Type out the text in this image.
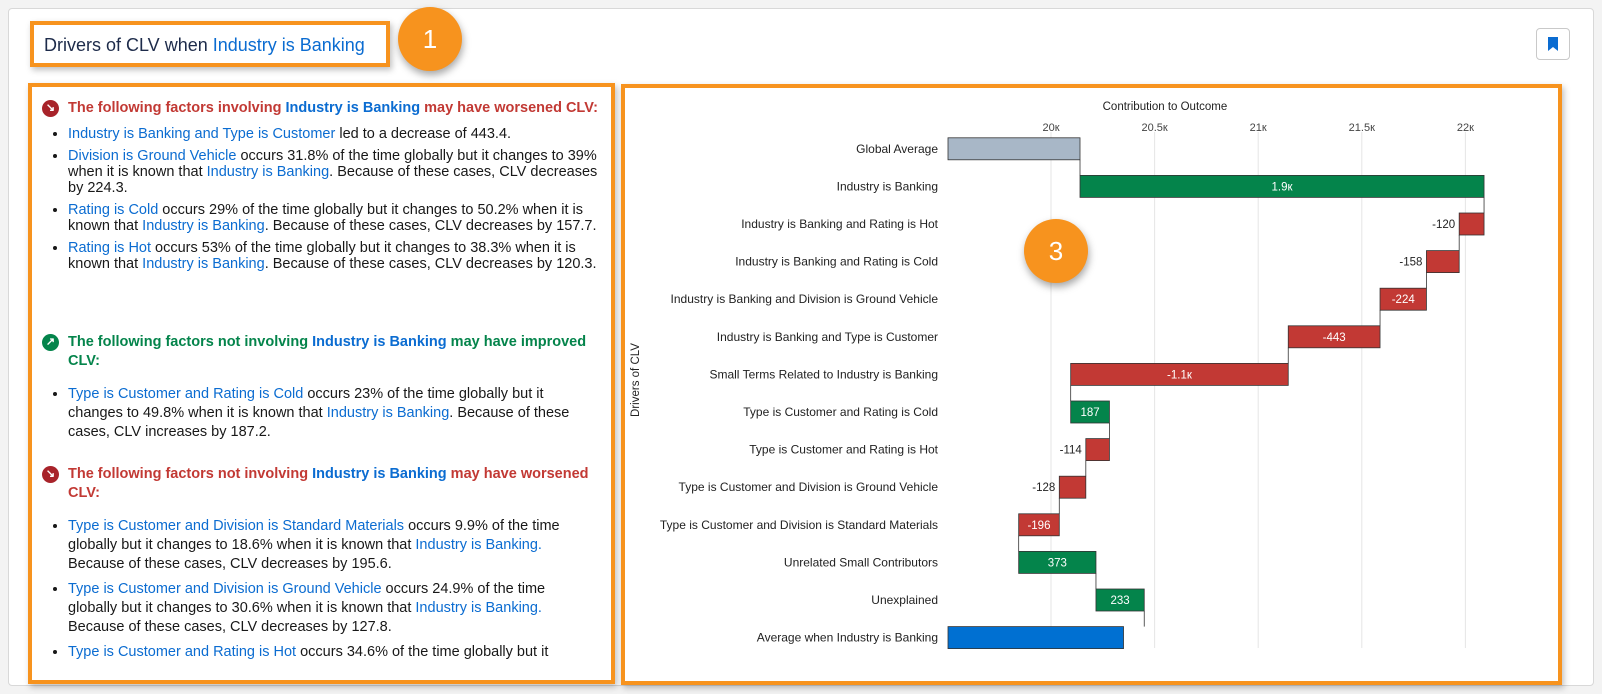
Drivers of CLV when Industry is Banking	1
3
↘ The following factors involving Industry is Banking may have worsened CLV:
• Industry is Banking and Type is Customer led to a decrease of 443.4.
• Division is Ground Vehicle occurs 31.8% of the time globally but it changes to 39% when it is known that Industry is Banking. Because of these cases, CLV decreases by 224.3.
• Rating is Cold occurs 29% of the time globally but it changes to 50.2% when it is known that Industry is Banking. Because of these cases, CLV decreases by 157.7.
• Rating is Hot occurs 53% of the time globally but it changes to 38.3% when it is known that Industry is Banking. Because of these cases, CLV decreases by 120.3.
↗ The following factors not involving Industry is Banking may have improved CLV:
• Type is Customer and Rating is Cold occurs 23% of the time globally but it changes to 49.8% when it is known that Industry is Banking. Because of these cases, CLV increases by 187.2.
↘ The following factors not involving Industry is Banking may have worsened CLV:
• Type is Customer and Division is Standard Materials occurs 9.9% of the time globally but it changes to 18.6% when it is known that Industry is Banking. Because of these cases, CLV decreases by 195.6.
• Type is Customer and Division is Ground Vehicle occurs 24.9% of the time globally but it changes to 30.6% when it is known that Industry is Banking. Because of these cases, CLV decreases by 127.8.
• Type is Customer and Rating is Hot occurs 34.6% of the time globally but it
20к	20.5к	21к	21.5к	22к
Contribution to Outcome
Drivers of CLV
Global Average
Industry is Banking	1.9к
Industry is Banking and Rating is Hot	-120
Industry is Banking and Rating is Cold	-158
Industry is Banking and Division is Ground Vehicle	-224
Industry is Banking and Type is Customer	-443
Small Terms Related to Industry is Banking	-1.1к
Type is Customer and Rating is Cold	187
Type is Customer and Rating is Hot	-114
Type is Customer and Division is Ground Vehicle	-128
Type is Customer and Division is Standard Materials	-196
Unrelated Small Contributors	373
Unexplained	233
Average when Industry is Banking
